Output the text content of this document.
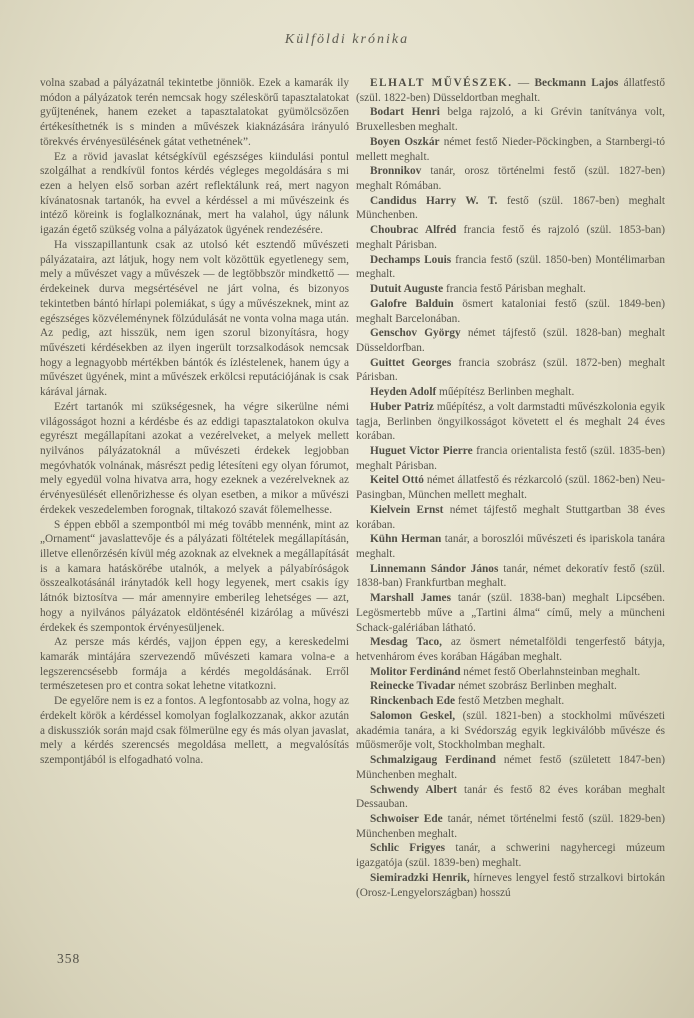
Külföldi krónika

volna szabad a pályázatnál tekintetbe jönniök. Ezek a kamarák ily módon a pályázatok terén nemcsak hogy széleskörű tapasztalatokat gyűjtenének, hanem ezeket a tapasztalatokat gyümölcsözően értékesíthetnék is s minden a művészek kiaknázására irányuló törekvés érvényesülésének gátat vethetnének”.

Ez a rövid javaslat kétségkívül egészséges kiindulási pontul szolgálhat a rendkívül fontos kérdés végleges megoldására s mi ezen a helyen első sorban azért reflektálunk reá, mert nagyon kívánatosnak tartanók, ha evvel a kérdéssel a mi művészeink és intéző köreink is foglalkoznának, mert ha valahol, úgy nálunk igazán égető szükség volna a pályázatok ügyének rendezésére.

Ha visszapillantunk csak az utolsó két esztendő művészeti pályázataira, azt látjuk, hogy nem volt közöttük egyetlenegy sem, mely a művészet vagy a művészek — de legtöbbször mindkettő — érdekeinek durva megsértésével ne járt volna, és bizonyos tekintetben bántó hírlapi polemiákat, s úgy a művészeknek, mint az egészséges közvéleménynek fölzúdulását ne vonta volna maga után. Az pedig, azt hisszük, nem igen szorul bizonyításra, hogy művészeti kérdésekben az ilyen ingerült torzsalkodások nemcsak hogy a legnagyobb mértékben bántók és ízléstelenek, hanem úgy a művészet ügyének, mint a művészek erkölcsi reputációjának is csak kárával járnak.

Ezért tartanók mi szükségesnek, ha végre sikerülne némi világosságot hozni a kérdésbe és az eddigi tapasztalatokon okulva egyrészt megállapítani azokat a vezérelveket, a melyek mellett nyilvános pályázatoknál a művészeti érdekek legjobban megóvhatók volnának, másrészt pedig létesíteni egy olyan fórumot, mely egyedül volna hivatva arra, hogy ezeknek a vezérelveknek az érvényesülését ellenőrizhesse és olyan esetben, a mikor a művészi érdekek veszedelemben forognak, tiltakozó szavát fölemelhesse.

S éppen ebből a szempontból mi még tovább mennénk, mint az „Ornament“ javaslattevője és a pályázati föltételek megállapításán, illetve ellenőrzésén kívül még azoknak az elveknek a megállapítását is a kamara hatáskörébe utalnók, a melyek a pályabíróságok összealkotásánál iránytadók kell hogy legyenek, mert csakis így látnók biztosítva — már amennyire emberileg lehetséges — azt, hogy a nyilvános pályázatok eldöntésénél kizárólag a művészi érdekek és szempontok érvényesüljenek.

Az persze más kérdés, vajjon éppen egy, a kereskedelmi kamarák mintájára szervezendő művészeti kamara volna-e a legszerencsésebb formája a kérdés megoldásának. Erről természetesen pro et contra sokat lehetne vitatkozni.

De egyelőre nem is ez a fontos. A legfontosabb az volna, hogy az érdekelt körök a kérdéssel komolyan foglalkozzanak, akkor azután a diskussziók során majd csak fölmerülne egy és más olyan javaslat, mely a kérdés szerencsés megoldása mellett, a megvalósítás szempontjából is elfogadható volna.

ELHALT MŰVÉSZEK. — Beckmann Lajos állatfestő (szül. 1822-ben) Düsseldortban meghalt.

Bodart Henri belga rajzoló, a ki Grévin tanítványa volt, Bruxellesben meghalt.

Boyen Oszkár német festő Nieder-Pöckingben, a Starnbergi-tó mellett meghalt.

Bronnikov tanár, orosz történelmi festő (szül. 1827-ben) meghalt Rómában.

Candidus Harry W. T. festő (szül. 1867-ben) meghalt Münchenben.

Choubrac Alfréd francia festő és rajzoló (szül. 1853-ban) meghalt Párisban.

Dechamps Louis francia festő (szül. 1850-ben) Montélimarban meghalt.

Dutuit Auguste francia festő Párisban meghalt.

Galofre Balduin ösmert kataloniai festő (szül. 1849-ben) meghalt Barcelonában.

Genschov György német tájfestő (szül. 1828-ban) meghalt Düsseldorfban.

Guittet Georges francia szobrász (szül. 1872-ben) meghalt Párisban.

Heyden Adolf műépítész Berlinben meghalt.

Huber Patriz műépítész, a volt darmstadti művészkolonia egyik tagja, Berlinben öngyilkosságot követett el és meghalt 24 éves korában.

Huguet Victor Pierre francia orientalista festő (szül. 1835-ben) meghalt Párisban.

Keitel Ottó német állatfestő és rézkarcoló (szül. 1862-ben) Neu-Pasingban, München mellett meghalt.

Kielvein Ernst német tájfestő meghalt Stuttgartban 38 éves korában.

Kühn Herman tanár, a boroszlói művészeti és ipariskola tanára meghalt.

Linnemann Sándor János tanár, német dekoratív festő (szül. 1838-ban) Frankfurtban meghalt.

Marshall James tanár (szül. 1838-ban) meghalt Lipcsében. Legösmertebb műve a „Tartini álma“ című, mely a müncheni Schack-galériában látható.

Mesdag Taco, az ösmert németalföldi tengerfestő bátyja, hetvenhárom éves korában Hágában meghalt.

Molitor Ferdinánd német festő Oberlahnsteinban meghalt.

Reinecke Tivadar német szobrász Berlinben meghalt.

Rinckenbach Ede festő Metzben meghalt.

Salomon Geskel, (szül. 1821-ben) a stockholmi művészeti akadémia tanára, a ki Svédország egyik legkiválóbb művésze és műösmerője volt, Stockholmban meghalt.

Schmalzigaug Ferdinand német festő (született 1847-ben) Münchenben meghalt.

Schwendy Albert tanár és festő 82 éves korában meghalt Dessauban.

Schwoiser Ede tanár, német történelmi festő (szül. 1829-ben) Münchenben meghalt.

Schlic Frigyes tanár, a schwerini nagyhercegi múzeum igazgatója (szül. 1839-ben) meghalt.

Siemiradzki Henrik, hírneves lengyel festő strzalkovi birtokán (Orosz-Lengyelországban) hosszú

358
